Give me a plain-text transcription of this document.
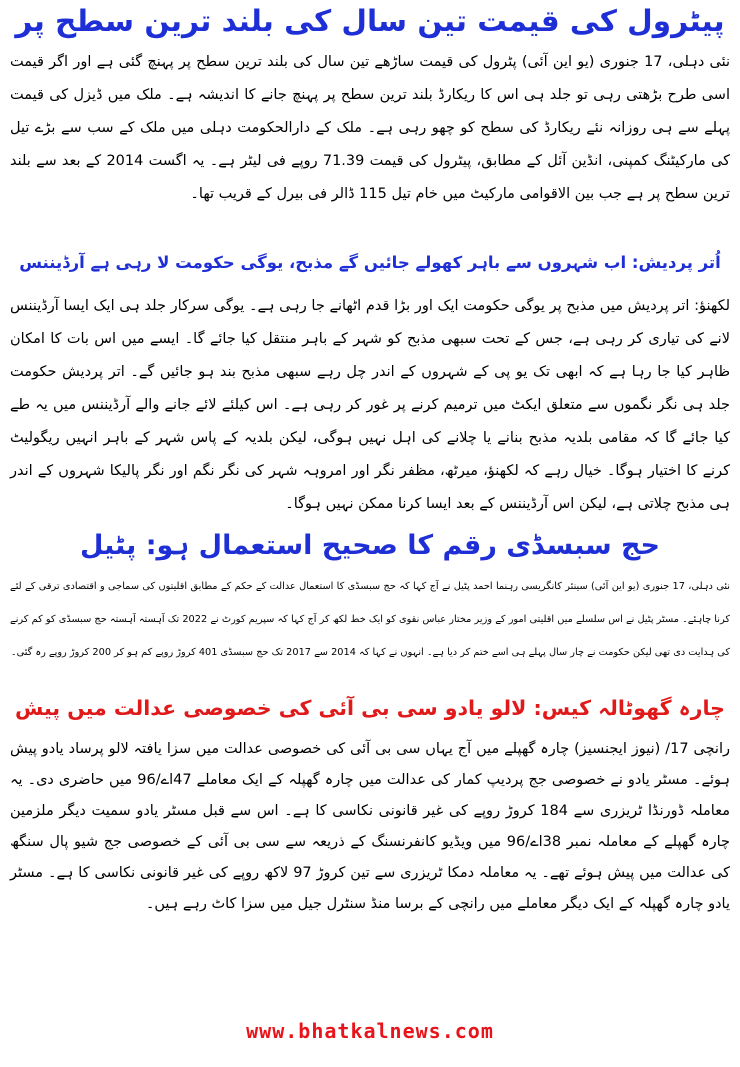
پیٹرول کی قیمت تین سال کی بلند ترین سطح پر

نئی دہلی، 17 جنوری (یو این آئی) پٹرول کی قیمت ساڑھے تین سال کی بلند ترین سطح پر پہنچ گئی ہے اور اگر قیمت اسی طرح بڑھتی رہی تو جلد ہی اس کا ریکارڈ بلند ترین سطح پر پہنچ جانے کا اندیشہ ہے۔ ملک میں ڈیزل کی قیمت پہلے سے ہی روزانہ نئے ریکارڈ کی سطح کو چھو رہی ہے۔ ملک کے دارالحکومت دہلی میں ملک کے سب سے بڑے تیل کی مارکیٹنگ کمپنی، انڈین آئل کے مطابق، پیٹرول کی قیمت 71.39 روپے فی لیٹر ہے۔ یہ اگست 2014 کے بعد سے بلند ترین سطح پر ہے جب بین الاقوامی مارکیٹ میں خام تیل 115 ڈالر فی بیرل کے قریب تھا۔

اُتر پردیش: اب شہروں سے باہر کھولے جائیں گے مذبح، یوگی حکومت لا رہی ہے آرڈیننس

لکھنؤ: اتر پردیش میں مذبح پر یوگی حکومت ایک اور بڑا قدم اٹھانے جا رہی ہے۔ یوگی سرکار جلد ہی ایک ایسا آرڈیننس لانے کی تیاری کر رہی ہے، جس کے تحت سبھی مذبح کو شہر کے باہر منتقل کیا جائے گا۔ ایسے میں اس بات کا امکان ظاہر کیا جا رہا ہے کہ ابھی تک یو پی کے شہروں کے اندر چل رہے سبھی مذبح بند ہو جائیں گے۔ اتر پردیش حکومت جلد ہی نگر نگموں سے متعلق ایکٹ میں ترمیم کرنے پر غور کر رہی ہے۔ اس کیلئے لائے جانے والے آرڈیننس میں یہ طے کیا جائے گا کہ مقامی بلدیہ مذبح بنانے یا چلانے کی اہل نہیں ہوگی، لیکن بلدیہ کے پاس شہر کے باہر انہیں ریگولیٹ کرنے کا اختیار ہوگا۔ خیال رہے کہ لکھنؤ، میرٹھ، مظفر نگر اور امروہہ شہر کی نگر نگم اور نگر پالیکا شہروں کے اندر ہی مذبح چلاتی ہے، لیکن اس آرڈیننس کے بعد ایسا کرنا ممکن نہیں ہوگا۔

حج سبسڈی رقم کا صحیح استعمال ہو: پٹیل

نئی دہلی، 17 جنوری (یو این آئی) سینئر کانگریسی رہنما احمد پٹیل نے آج کہا کہ حج سبسڈی کا استعمال عدالت کے حکم کے مطابق اقلیتوں کی سماجی و اقتصادی ترقی کے لئے کرنا چاہئے۔ مسٹر پٹیل نے اس سلسلے میں اقلیتی امور کے وزیر مختار عباس نقوی کو ایک خط لکھ کر آج کہا کہ سپریم کورٹ نے 2022 تک آہستہ آہستہ حج سبسڈی کو کم کرنے کی ہدایت دی تھی لیکن حکومت نے چار سال پہلے ہی اسے ختم کر دیا ہے۔ انہوں نے کہا کہ 2014 سے 2017 تک حج سبسڈی 401 کروڑ روپے کم ہو کر 200 کروڑ روپے رہ گئی۔

چارہ گھوٹالہ کیس: لالو یادو سی بی آئی کی خصوصی عدالت میں پیش

رانچی 17/ (نیوز ایجنسیز) چارہ گھپلے میں آج یہاں سی بی آئی کی خصوصی عدالت میں سزا یافتہ لالو پرساد یادو پیش ہوئے۔ مسٹر یادو نے خصوصی جج پردیپ کمار کی عدالت میں چارہ گھپلہ کے ایک معاملے 47اے/96 میں حاضری دی۔ یہ معاملہ ڈورنڈا ٹریزری سے 184 کروڑ روپے کی غیر قانونی نکاسی کا ہے۔ اس سے قبل مسٹر یادو سمیت دیگر ملزمین چارہ گھپلے کے معاملہ نمبر 38اے/96 میں ویڈیو کانفرنسنگ کے ذریعہ سے سی بی آئی کے خصوصی جج شیو پال سنگھ کی عدالت میں پیش ہوئے تھے۔ یہ معاملہ دمکا ٹریزری سے تین کروڑ 97 لاکھ روپے کی غیر قانونی نکاسی کا ہے۔ مسٹر یادو چارہ گھپلہ کے ایک دیگر معاملے میں رانچی کے برسا منڈ سنٹرل جیل میں سزا کاٹ رہے ہیں۔

www.bhatkalnews.com
